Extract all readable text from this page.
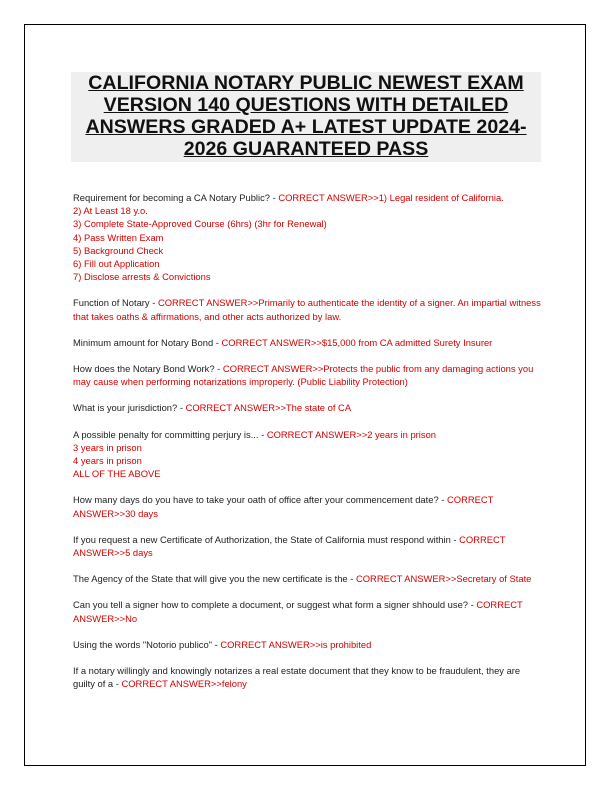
CALIFORNIA NOTARY PUBLIC NEWEST EXAM VERSION 140 QUESTIONS WITH DETAILED ANSWERS GRADED A+ LATEST UPDATE 2024-2026 GUARANTEED PASS

Requirement for becoming a CA Notary Public? - CORRECT ANSWER>>1) Legal resident of California.
2) At Least 18 y.o.
3) Complete State-Approved Course (6hrs) (3hr for Renewal)
4) Pass Written Exam
5) Background Check
6) Fill out Application
7) Disclose arrests & Convictions

Function of Notary - CORRECT ANSWER>>Primarily to authenticate the identity of a signer. An impartial witness that takes oaths & affirmations, and other acts authorized by law.

Minimum amount for Notary Bond - CORRECT ANSWER>>$15,000 from CA admitted Surety Insurer

How does the Notary Bond Work? - CORRECT ANSWER>>Protects the public from any damaging actions you may cause when performing notarizations improperly. (Public Liability Protection)

What is your jurisdiction? - CORRECT ANSWER>>The state of CA

A possible penalty for committing perjury is... - CORRECT ANSWER>>2 years in prison
3 years in prison
4 years in prison
ALL OF THE ABOVE

How many days do you have to take your oath of office after your commencement date? - CORRECT ANSWER>>30 days

If you request a new Certificate of Authorization, the State of California must respond within - CORRECT ANSWER>>5 days

The Agency of the State that will give you the new certificate is the - CORRECT ANSWER>>Secretary of State

Can you tell a signer how to complete a document, or suggest what form a signer shhould use? - CORRECT ANSWER>>No

Using the words "Notorio publico" - CORRECT ANSWER>>is prohibited

If a notary willingly and knowingly notarizes a real estate document that they know to be fraudulent, they are guilty of a - CORRECT ANSWER>>felony
